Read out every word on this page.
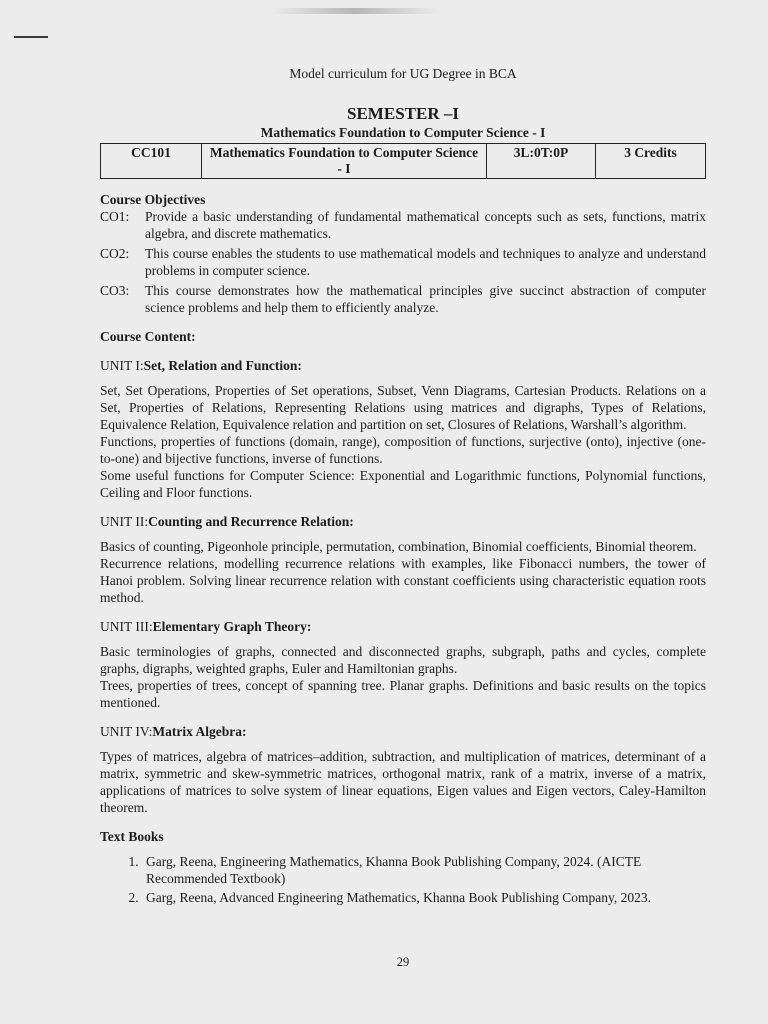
Model curriculum for UG Degree in BCA
SEMESTER –I
Mathematics Foundation to Computer Science - I
CC101	Mathematics Foundation to Computer Science - I	3L:0T:0P	3 Credits
Course Objectives
CO1:	Provide a basic understanding of fundamental mathematical concepts such as sets, functions, matrix algebra, and discrete mathematics.
CO2:	This course enables the students to use mathematical models and techniques to analyze and understand problems in computer science.
CO3:	This course demonstrates how the mathematical principles give succinct abstraction of computer science problems and help them to efficiently analyze.
Course Content:
UNIT I:Set, Relation and Function:

Set, Set Operations, Properties of Set operations, Subset, Venn Diagrams, Cartesian Products. Relations on a Set, Properties of Relations, Representing Relations using matrices and digraphs, Types of Relations, Equivalence Relation, Equivalence relation and partition on set, Closures of Relations, Warshall’s algorithm.

Functions, properties of functions (domain, range), composition of functions, surjective (onto), injective (one-to-one) and bijective functions, inverse of functions.

Some useful functions for Computer Science: Exponential and Logarithmic functions, Polynomial functions, Ceiling and Floor functions.

UNIT II:Counting and Recurrence Relation:

Basics of counting, Pigeonhole principle, permutation, combination, Binomial coefficients, Binomial theorem.

Recurrence relations, modelling recurrence relations with examples, like Fibonacci numbers, the tower of Hanoi problem. Solving linear recurrence relation with constant coefficients using characteristic equation roots method.

UNIT III:Elementary Graph Theory:

Basic terminologies of graphs, connected and disconnected graphs, subgraph, paths and cycles, complete graphs, digraphs, weighted graphs, Euler and Hamiltonian graphs.

Trees, properties of trees, concept of spanning tree. Planar graphs. Definitions and basic results on the topics mentioned.

UNIT IV:Matrix Algebra:

Types of matrices, algebra of matrices–addition, subtraction, and multiplication of matrices, determinant of a matrix, symmetric and skew-symmetric matrices, orthogonal matrix, rank of a matrix, inverse of a matrix, applications of matrices to solve system of linear equations, Eigen values and Eigen vectors, Caley-Hamilton theorem.

Text Books
1. Garg, Reena, Engineering Mathematics, Khanna Book Publishing Company, 2024. (AICTE Recommended Textbook)
2. Garg, Reena, Advanced Engineering Mathematics, Khanna Book Publishing Company, 2023.
29
